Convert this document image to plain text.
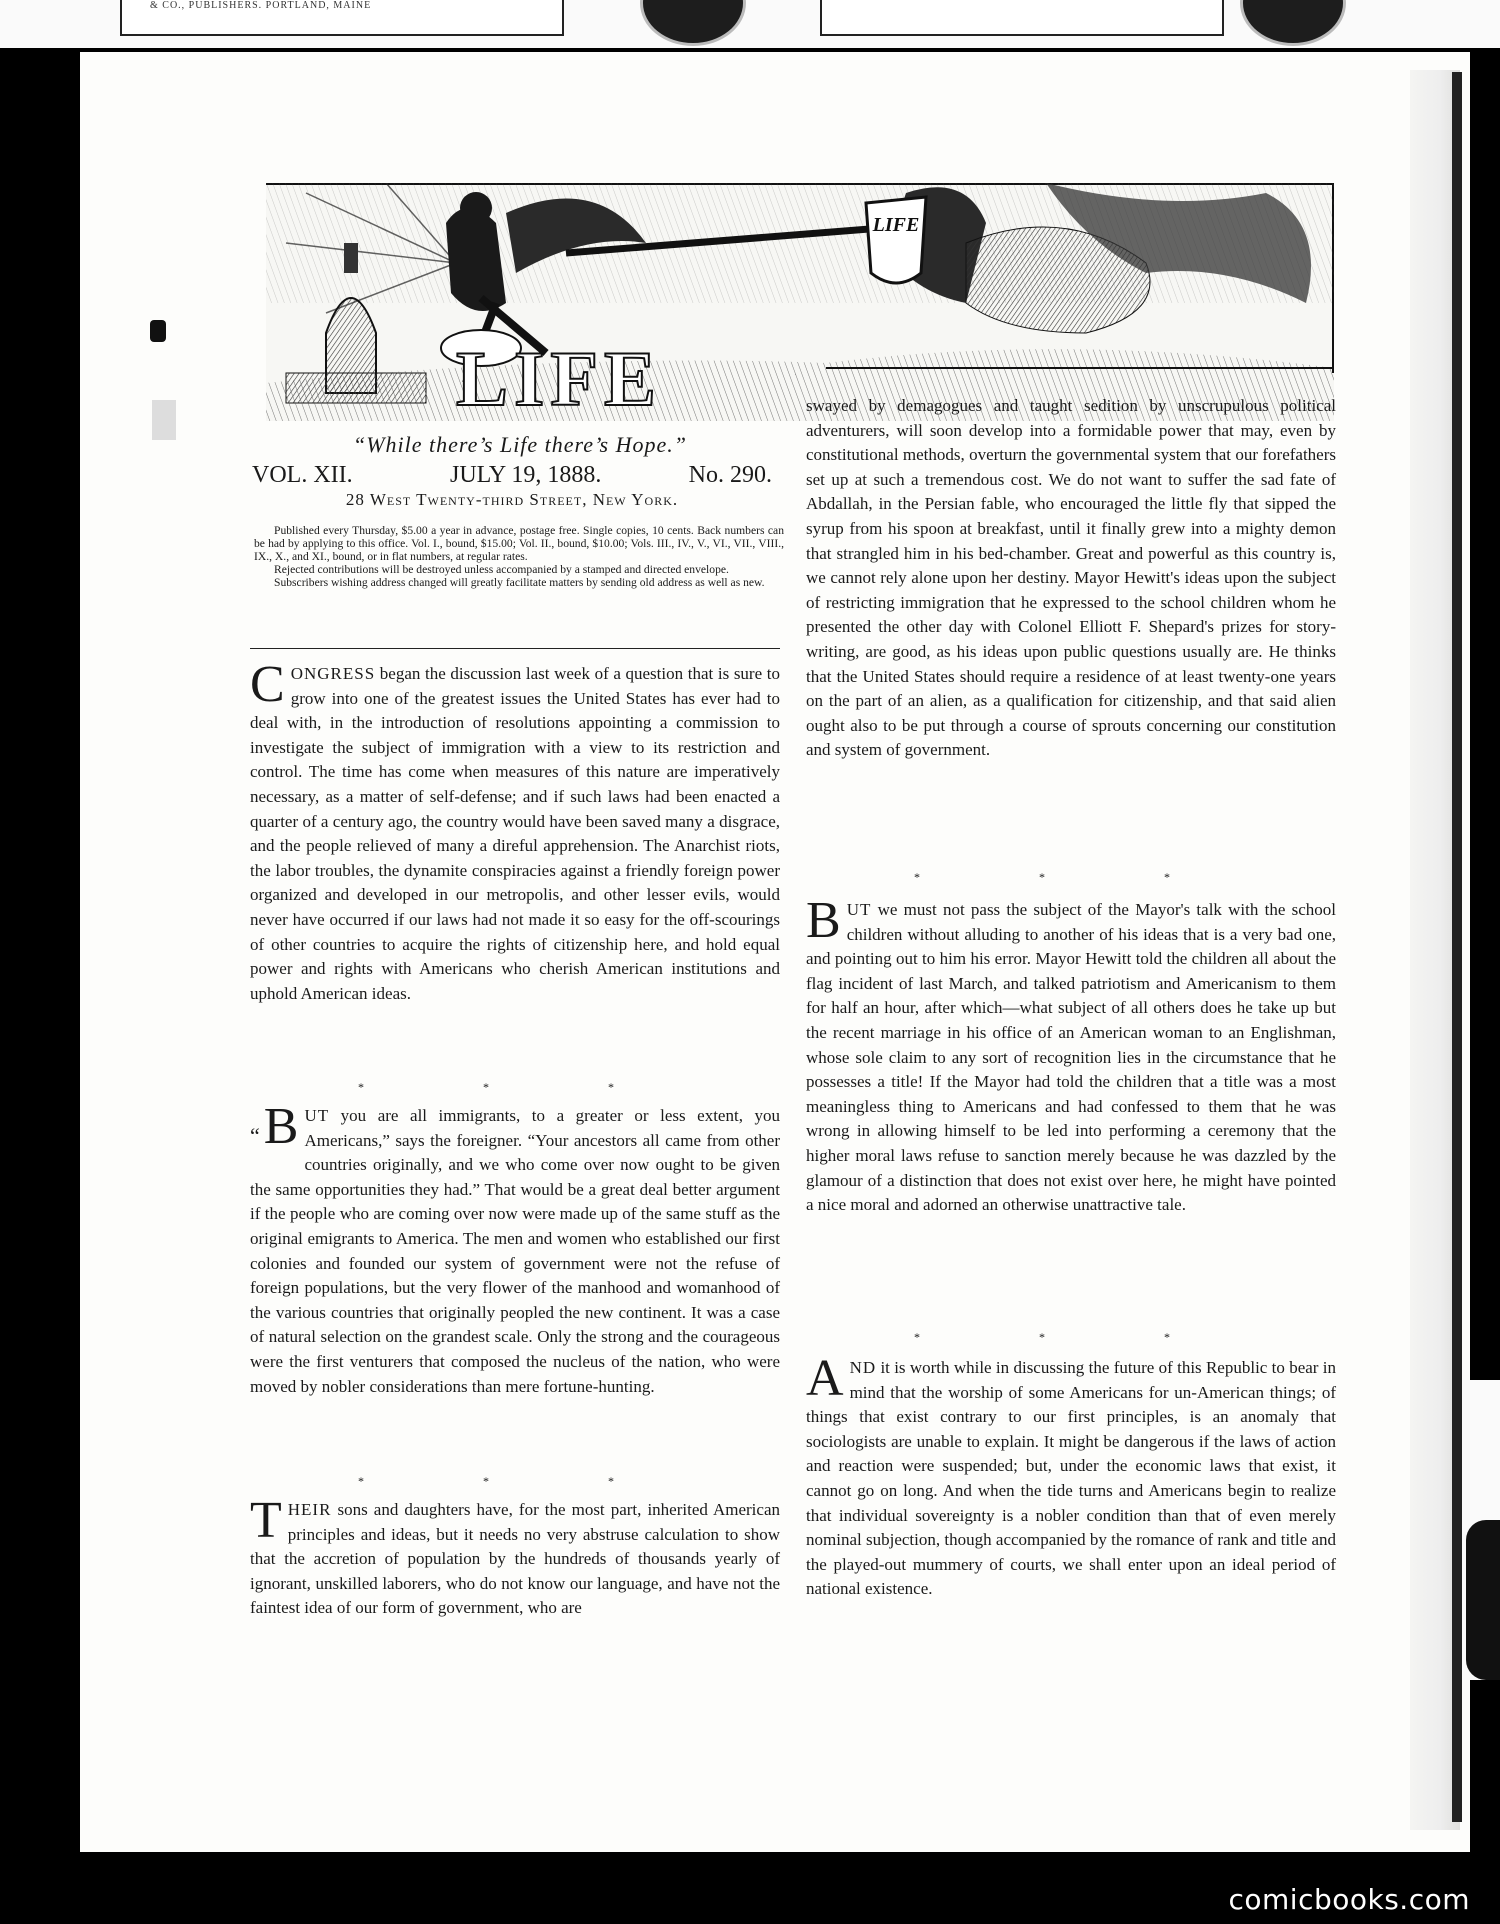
& CO., PUBLISHERS. PORTLAND, MAINE
LIFE
LIFE
“While there’s Life there’s Hope.”
VOL. XII.	JULY 19, 1888.	No. 290.
28 West Twenty-third Street, New York.

Published every Thursday, $5.00 a year in advance, postage free. Single copies, 10 cents. Back numbers can be had by applying to this office. Vol. I., bound, $15.00; Vol. II., bound, $10.00; Vols. III., IV., V., VI., VII., VIII., IX., X., and XI., bound, or in flat numbers, at regular rates.

Rejected contributions will be destroyed unless accompanied by a stamped and directed envelope.

Subscribers wishing address changed will greatly facilitate matters by sending old address as well as new.

CONGRESS began the discussion last week of a question that is sure to grow into one of the greatest issues the United States has ever had to deal with, in the introduction of resolutions appointing a commission to investigate the subject of immigration with a view to its restriction and control. The time has come when measures of this nature are imperatively necessary, as a matter of self-defense; and if such laws had been enacted a quarter of a century ago, the country would have been saved many a disgrace, and the people relieved of many a direful apprehension. The Anarchist riots, the labor troubles, the dynamite conspiracies against a friendly foreign power organized and developed in our metropolis, and other lesser evils, would never have occurred if our laws had not made it so easy for the off-scourings of other countries to acquire the rights of citizenship here, and hold equal power and rights with Americans who cherish American institutions and uphold American ideas.
* * *
“B UT you are all immigrants, to a greater or less extent, you Americans,” says the foreigner. “Your ancestors all came from other countries originally, and we who come over now ought to be given the same opportunities they had.” That would be a great deal better argument if the people who are coming over now were made up of the same stuff as the original emigrants to America. The men and women who established our first colonies and founded our system of government were not the refuse of foreign populations, but the very flower of the manhood and womanhood of the various countries that originally peopled the new continent. It was a case of natural selection on the grandest scale. Only the strong and the courageous were the first venturers that composed the nucleus of the nation, who were moved by nobler considerations than mere fortune-hunting.
* * *
THEIR sons and daughters have, for the most part, inherited American principles and ideas, but it needs no very abstruse calculation to show that the accretion of population by the hundreds of thousands yearly of ignorant, unskilled laborers, who do not know our language, and have not the faintest idea of our form of government, who are
swayed by demagogues and taught sedition by unscrupulous political adventurers, will soon develop into a formidable power that may, even by constitutional methods, overturn the governmental system that our forefathers set up at such a tremendous cost. We do not want to suffer the sad fate of Abdallah, in the Persian fable, who encouraged the little fly that sipped the syrup from his spoon at breakfast, until it finally grew into a mighty demon that strangled him in his bed-chamber. Great and powerful as this country is, we cannot rely alone upon her destiny. Mayor Hewitt's ideas upon the subject of restricting immigration that he expressed to the school children whom he presented the other day with Colonel Elliott F. Shepard's prizes for story-writing, are good, as his ideas upon public questions usually are. He thinks that the United States should require a residence of at least twenty-one years on the part of an alien, as a qualification for citizenship, and that said alien ought also to be put through a course of sprouts concerning our constitution and system of government.
* * *
BUT we must not pass the subject of the Mayor's talk with the school children without alluding to another of his ideas that is a very bad one, and pointing out to him his error. Mayor Hewitt told the children all about the flag incident of last March, and talked patriotism and Americanism to them for half an hour, after which—what subject of all others does he take up but the recent marriage in his office of an American woman to an Englishman, whose sole claim to any sort of recognition lies in the circumstance that he possesses a title! If the Mayor had told the children that a title was a most meaningless thing to Americans and had confessed to them that he was wrong in allowing himself to be led into performing a ceremony that the higher moral laws refuse to sanction merely because he was dazzled by the glamour of a distinction that does not exist over here, he might have pointed a nice moral and adorned an otherwise unattractive tale.
* * *
AND it is worth while in discussing the future of this Republic to bear in mind that the worship of some Americans for un-American things; of things that exist contrary to our first principles, is an anomaly that sociologists are unable to explain. It might be dangerous if the laws of action and reaction were suspended; but, under the economic laws that exist, it cannot go on long. And when the tide turns and Americans begin to realize that individual sovereignty is a nobler condition than that of even merely nominal subjection, though accompanied by the romance of rank and title and the played-out mummery of courts, we shall enter upon an ideal period of national existence.
comicbooks.com
